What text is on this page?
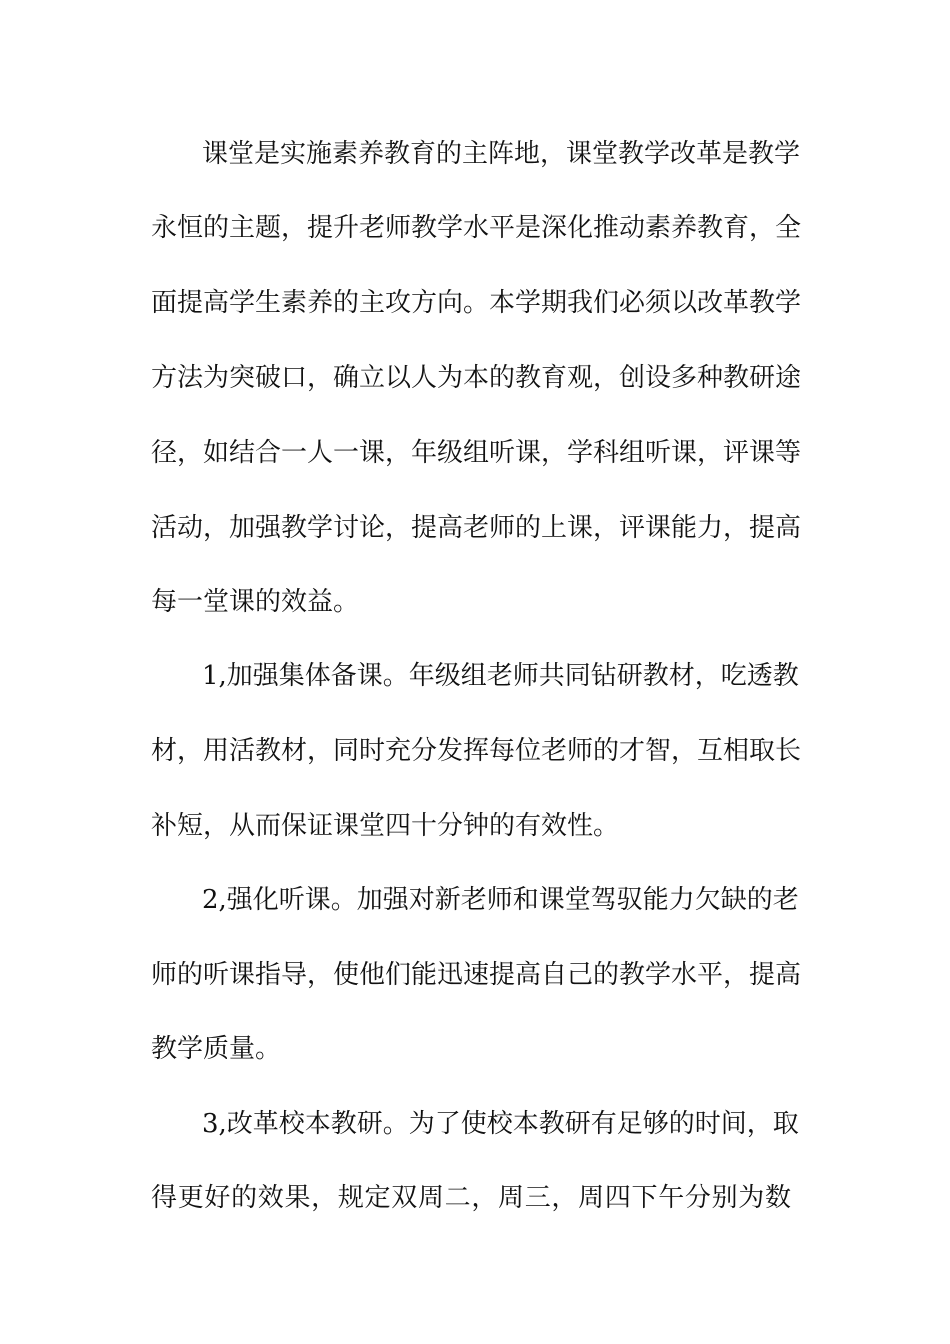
课堂是实施素养教育的主阵地，课堂教学改革是教学
永恒的主题，提升老师教学水平是深化推动素养教育，全
面提高学生素养的主攻方向。本学期我们必须以改革教学
方法为突破口，确立以人为本的教育观，创设多种教研途
径，如结合一人一课，年级组听课，学科组听课，评课等
活动，加强教学讨论，提高老师的上课，评课能力，提高
每一堂课的效益。
1,加强集体备课。年级组老师共同钻研教材，吃透教
材，用活教材，同时充分发挥每位老师的才智，互相取长
补短，从而保证课堂四十分钟的有效性。
2,强化听课。加强对新老师和课堂驾驭能力欠缺的老
师的听课指导，使他们能迅速提高自己的教学水平，提高
教学质量。
3,改革校本教研。为了使校本教研有足够的时间，取
得更好的效果，规定双周二，周三，周四下午分别为数
